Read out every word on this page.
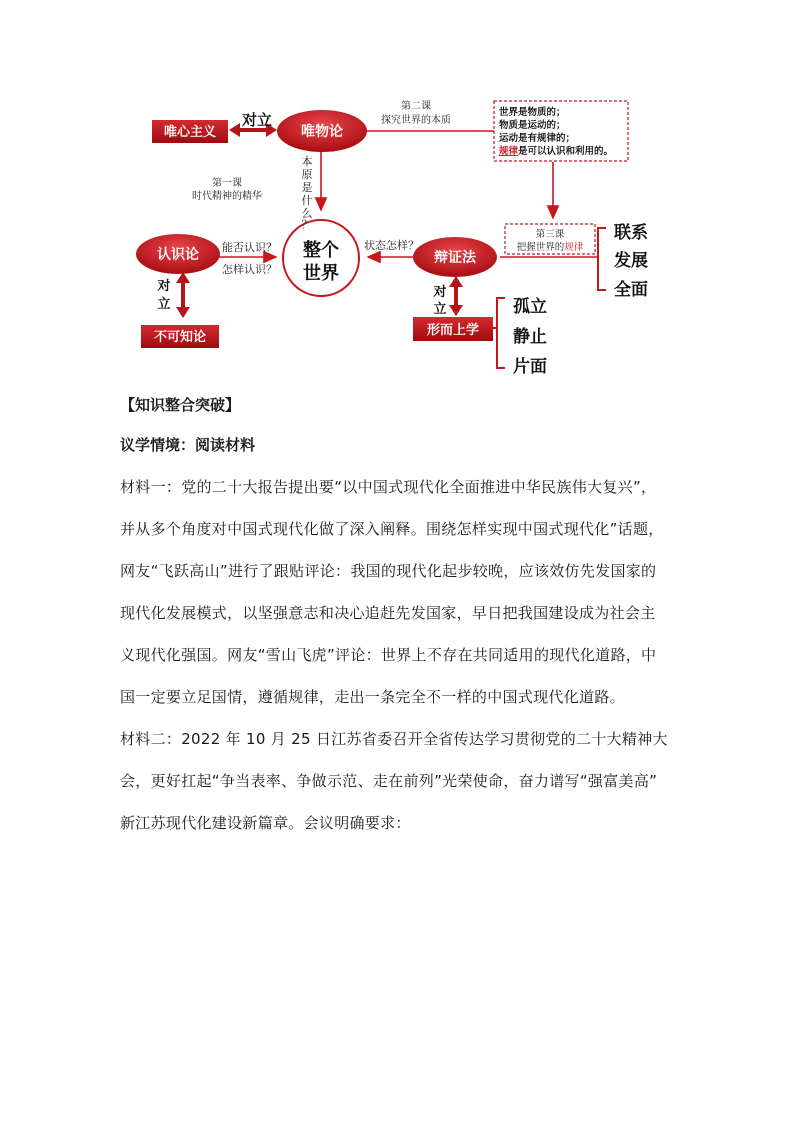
整个
世界
唯物论
唯心主义
对立
认识论
不可知论
辩证法
形而上学
对
立
对
立
第二课
探究世界的本质
第一课
时代精神的精华
本
原
是
什
么
？
能否认识？
怎样认识？
状态怎样？
世界是物质的；
物质是运动的；
运动是有规律的；
规律是可以认识和利用的。
第三课
把握世界的规律
联系
发展
全面
孤立
静止
片面
【知识整合突破】
议学情境：阅读材料
材料一：党的二十大报告提出要“以中国式现代化全面推进中华民族伟大复兴”，
并从多个角度对中国式现代化做了深入阐释。围绕怎样实现中国式现代化”话题，
网友“飞跃高山”进行了跟贴评论：我国的现代化起步较晚，应该效仿先发国家的
现代化发展模式，以坚强意志和决心追赶先发国家，早日把我国建设成为社会主
义现代化强国。网友“雪山飞虎”评论：世界上不存在共同适用的现代化道路，中
国一定要立足国情，遵循规律，走出一条完全不一样的中国式现代化道路。
材料二：2022 年 10 月 25 日江苏省委召开全省传达学习贯彻党的二十大精神大
会，更好扛起“争当表率、争做示范、走在前列”光荣使命，奋力谱写“强富美高”
新江苏现代化建设新篇章。会议明确要求：
